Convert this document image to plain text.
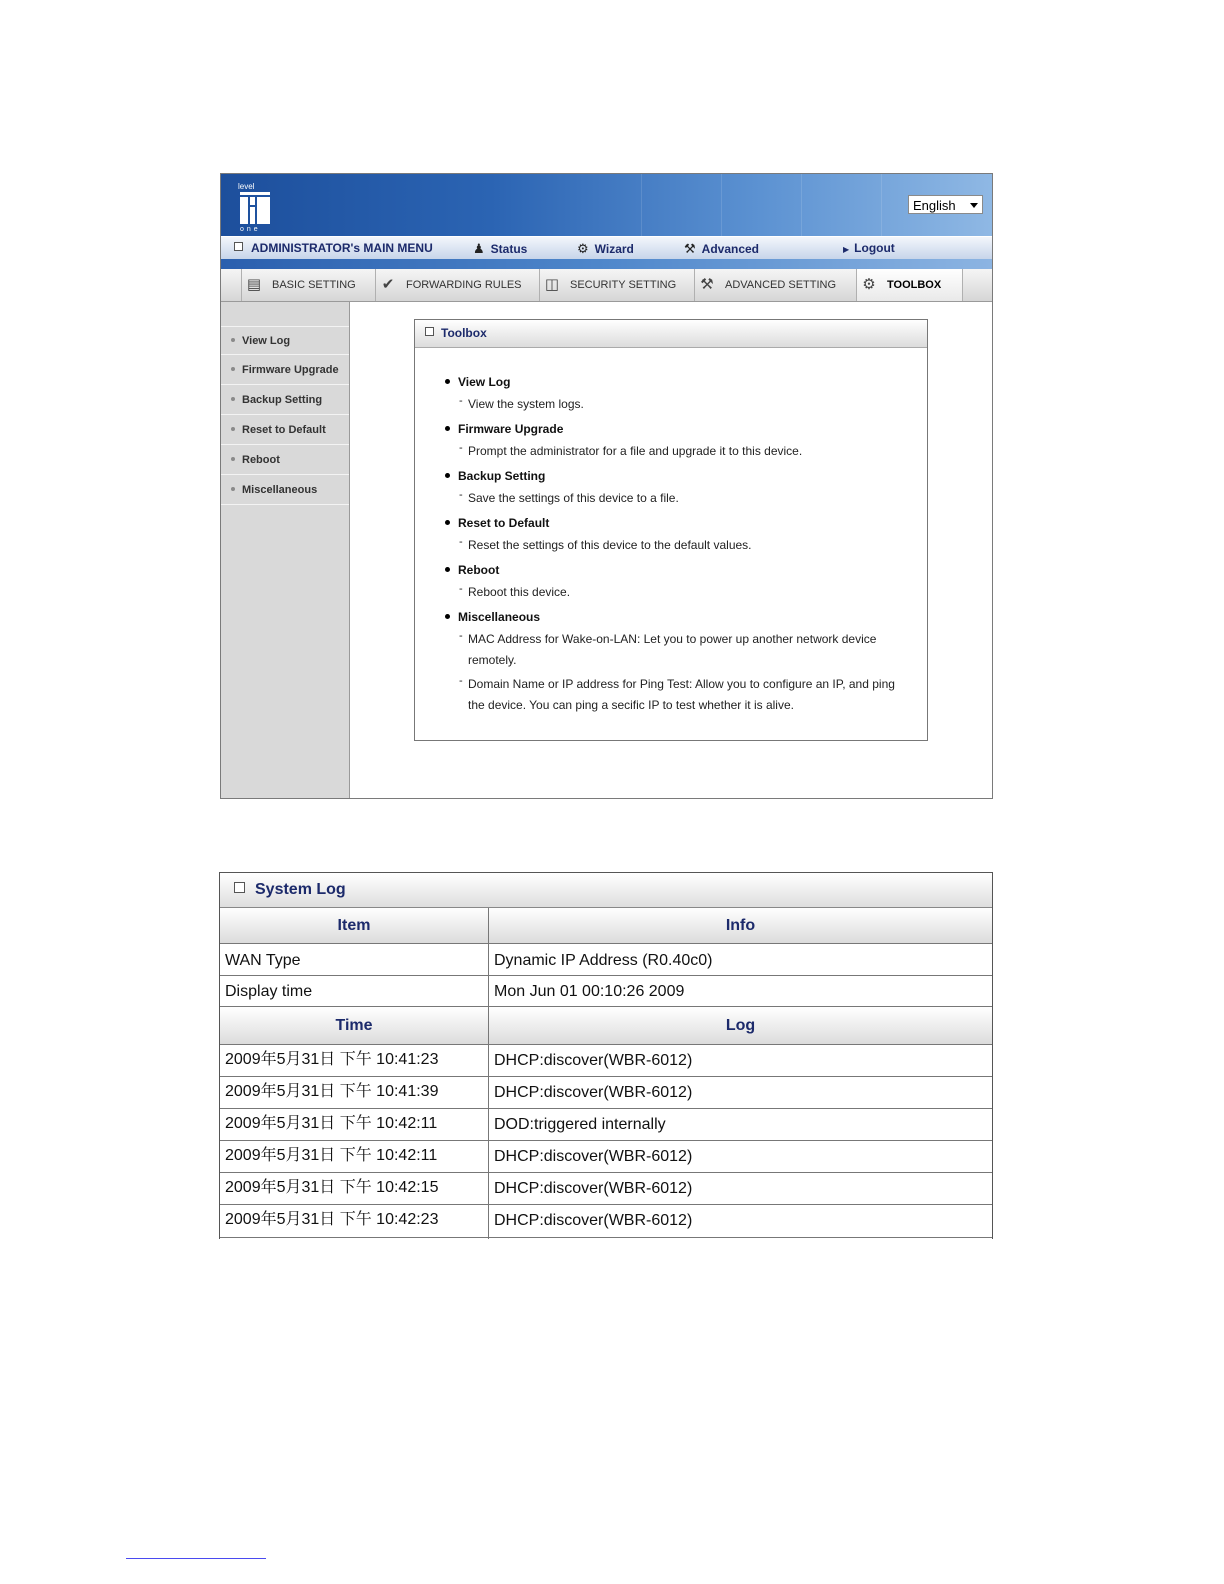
level
one
English
ADMINISTRATOR's MAIN MENU	♟ Status	⚙ Wizard	⚒ Advanced	▶ Logout
▤ BASIC SETTING	✔ FORWARDING RULES	◫ SECURITY SETTING	⚒ ADVANCED SETTING	⚙ TOOLBOX
View Log
Firmware Upgrade
Backup Setting
Reset to Default
Reboot
Miscellaneous
Toolbox
View Log
- View the system logs.
Firmware Upgrade
- Prompt the administrator for a file and upgrade it to this device.
Backup Setting
- Save the settings of this device to a file.
Reset to Default
- Reset the settings of this device to the default values.
Reboot
- Reboot this device.
Miscellaneous
- MAC Address for Wake-on-LAN: Let you to power up another network device remotely.
- Domain Name or IP address for Ping Test: Allow you to configure an IP, and ping the device. You can ping a secific IP to test whether it is alive.
System Log
Item	Info
WAN Type	Dynamic IP Address (R0.40c0)
Display time	Mon Jun 01 00:10:26 2009
Time	Log
2009年5月31日 下午 10:41:23	DHCP:discover(WBR-6012)
2009年5月31日 下午 10:41:39	DHCP:discover(WBR-6012)
2009年5月31日 下午 10:42:11	DOD:triggered internally
2009年5月31日 下午 10:42:11	DHCP:discover(WBR-6012)
2009年5月31日 下午 10:42:15	DHCP:discover(WBR-6012)
2009年5月31日 下午 10:42:23	DHCP:discover(WBR-6012)
